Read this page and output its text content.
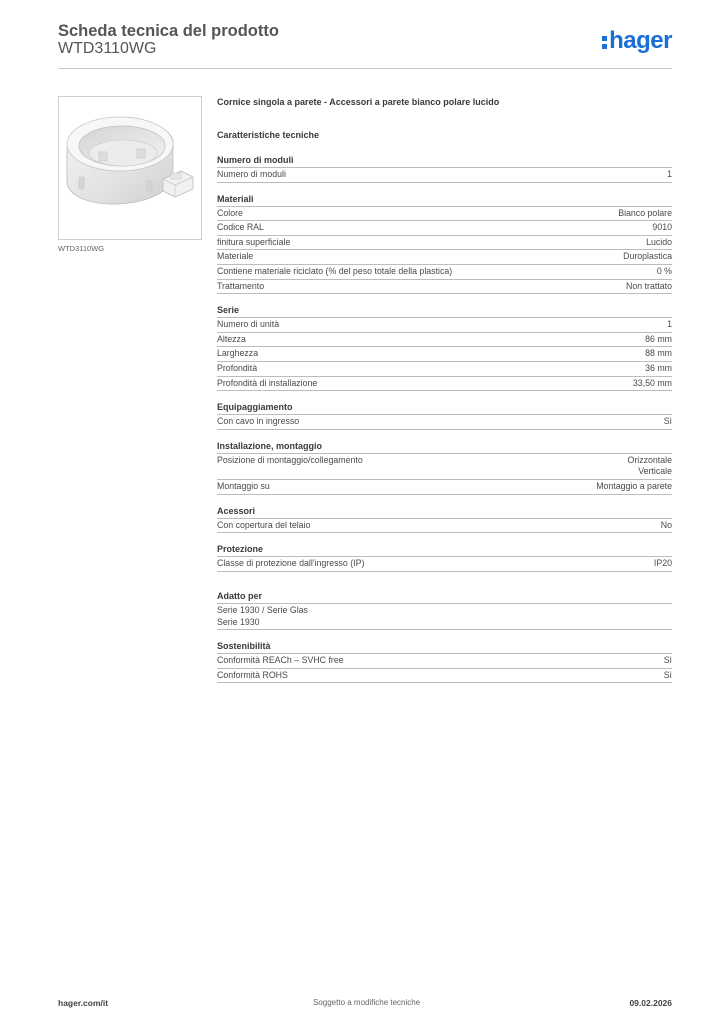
Scheda tecnica del prodotto
WTD3110WG	hager
WTD3110WG
Cornice singola a parete - Accessori a parete bianco polare lucido
Caratteristiche tecniche
Numero di moduli
Numero di moduli	1
Materiali
Colore	Bianco polare
Codice RAL	9010
finitura superficiale	Lucido
Materiale	Duroplastica
Contiene materiale riciclato (% del peso totale della plastica)	0 %
Trattamento	Non trattato
Serie
Numero di unità	1
Altezza	86 mm
Larghezza	88 mm
Profondità	36 mm
Profondità di installazione	33,50 mm
Equipaggiamento
Con cavo in ingresso	Sì
Installazione, montaggio
Posizione di montaggio/collegamento	Orizzontale
Verticale
Montaggio su	Montaggio a parete
Acessori
Con copertura del telaio	No
Protezione
Classe di protezione dall'ingresso (IP)	IP20
Adatto per
Serie 1930 / Serie Glas
Serie 1930
Sostenibilità
Conformità REACh – SVHC free	Sì
Conformità ROHS	Sì
hager.com/it	Soggetto a modifiche tecniche	09.02.2026
